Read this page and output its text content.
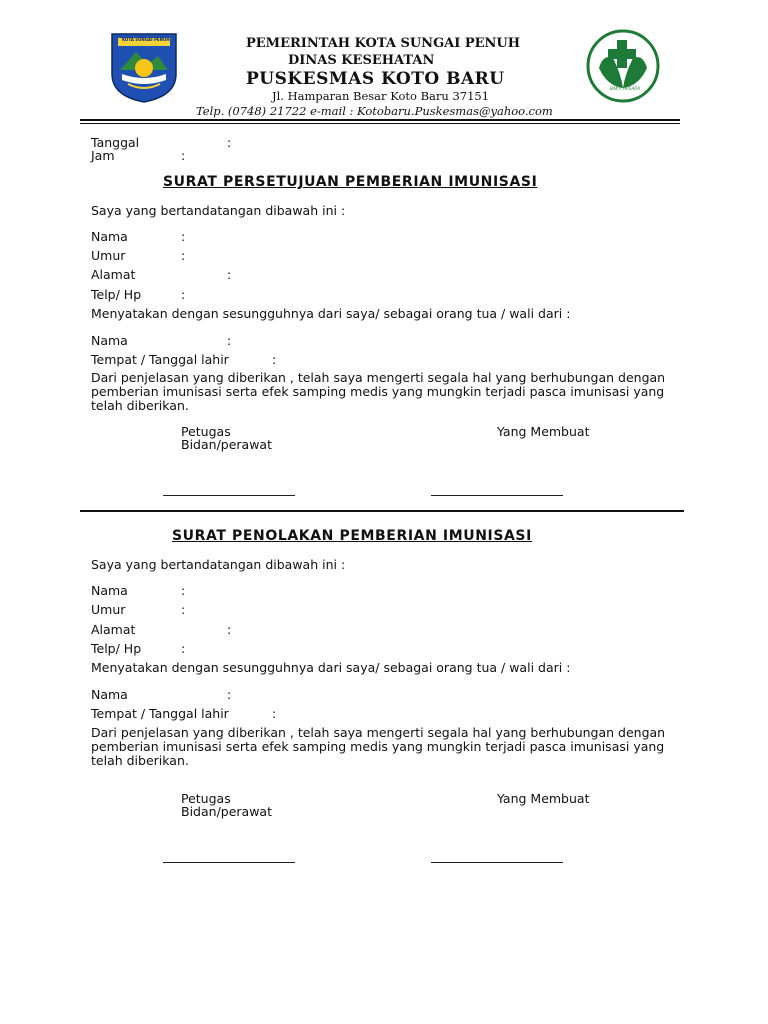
KOTA SUNGAI PENUH	PEMERINTAH KOTA SUNGAI PENUH
DINAS KESEHATAN
PUSKESMAS KOTO BARU
Jl. Hamparan Besar Koto Baru 37151
Telp. (0748) 21722 e-mail : Kotobaru.Puskesmas@yahoo.com
BAKTI HUSADA
Tanggal	:
Jam	:
SURAT PERSETUJUAN PEMBERIAN IMUNISASI
Saya yang bertandatangan dibawah ini :
Nama	:
Umur	:
Alamat	:
Telp/ Hp	:
Menyatakan dengan sesungguhnya dari saya/ sebagai orang tua / wali dari :
Nama	:
Tempat / Tanggal lahir	:
Dari penjelasan yang diberikan , telah saya mengerti segala hal yang berhubungan dengan pemberian imunisasi serta efek samping medis yang mungkin terjadi pasca imunisasi yang telah diberikan.
Petugas
Bidan/perawat
Yang Membuat
SURAT PENOLAKAN PEMBERIAN IMUNISASI
Saya yang bertandatangan dibawah ini :
Nama	:
Umur	:
Alamat	:
Telp/ Hp	:
Menyatakan dengan sesungguhnya dari saya/ sebagai orang tua / wali dari :
Nama	:
Tempat / Tanggal lahir	:
Dari penjelasan yang diberikan , telah saya mengerti segala hal yang berhubungan dengan pemberian imunisasi serta efek samping medis yang mungkin terjadi pasca imunisasi yang telah diberikan.
Petugas
Bidan/perawat
Yang Membuat
